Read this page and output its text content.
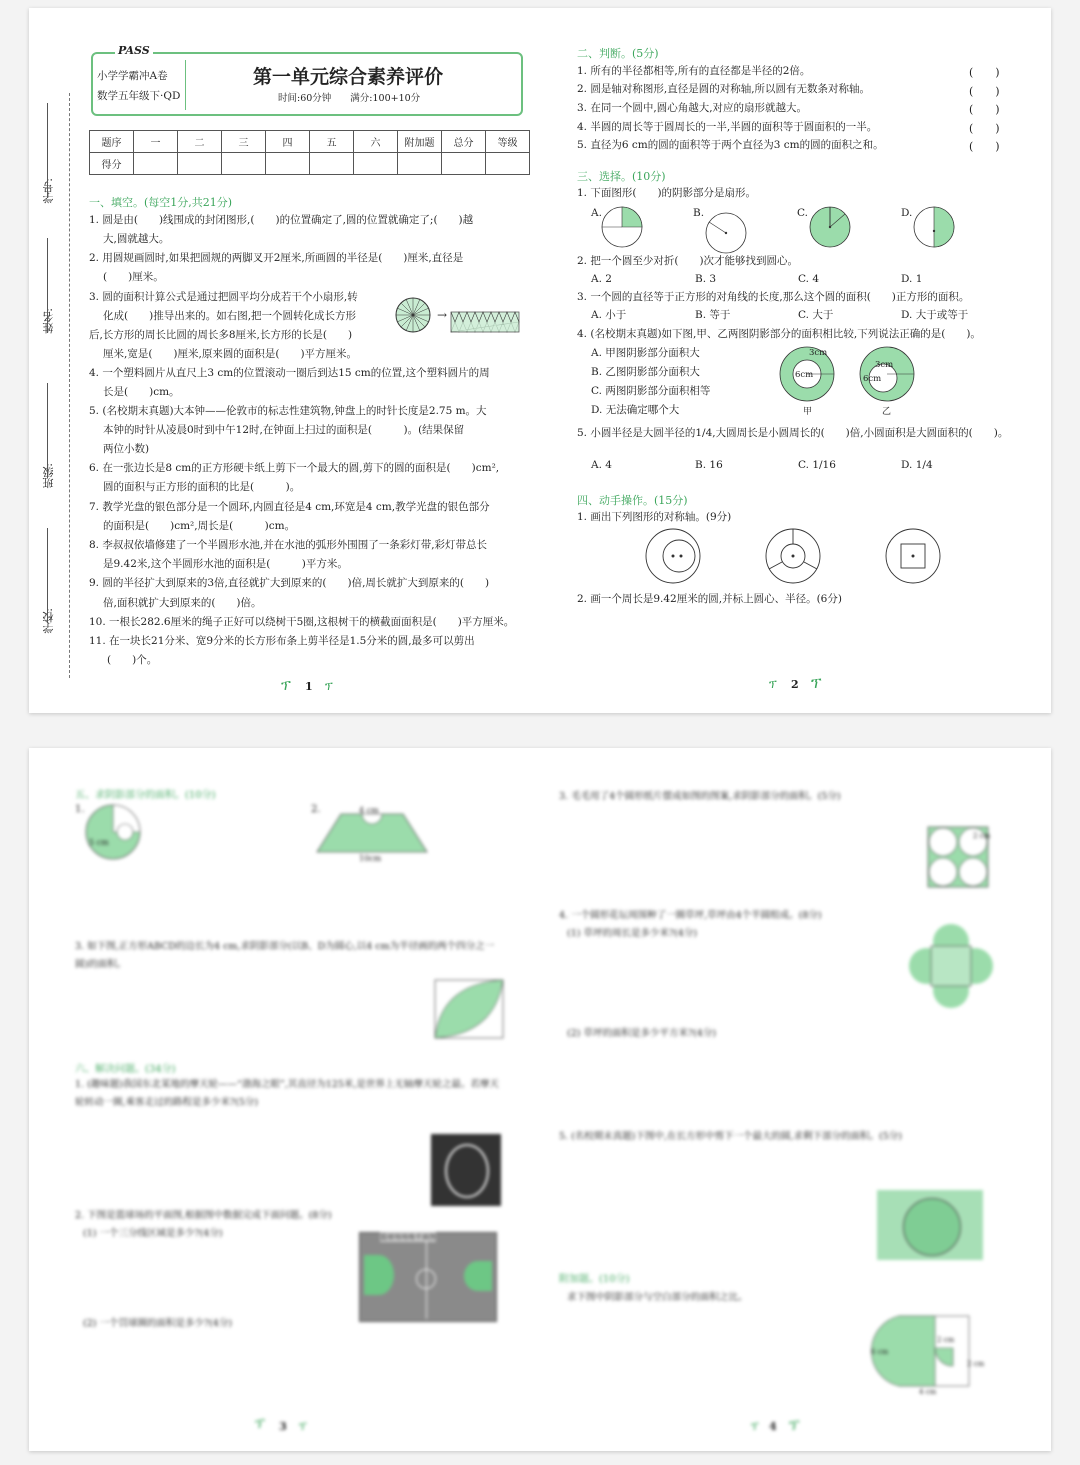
学号:
姓名:
班级:
学校:
PASS
小学学霸冲A卷
数学五年级下·QD
第一单元综合素养评价
时间:60分钟　　满分:100+10分
题序	一	二	三	四	五	六	附加题	总分	等级
得分									
一、填空。(每空1分,共21分)
1. 圆是由(　　)线围成的封闭图形,(　　)的位置确定了,圆的位置就确定了;(　　)越
大,圆就越大。
2. 用圆规画圆时,如果把圆规的两脚叉开2厘米,所画圆的半径是(　　)厘米,直径是
(　　)厘米。
3. 圆的面积计算公式是通过把圆平均分成若干个小扇形,转
化成(　　)推导出来的。如右图,把一个圆转化成长方形
后,长方形的周长比圆的周长多8厘米,长方形的长是(　　)
厘米,宽是(　　)厘米,原来圆的面积是(　　)平方厘米。
→
4. 一个塑料圆片从直尺上3 cm的位置滚动一圈后到达15 cm的位置,这个塑料圆片的周
长是(　　)cm。
5. (名校期末真题)大本钟——伦敦市的标志性建筑物,钟盘上的时针长度是2.75 m。大
本钟的时针从凌晨0时到中午12时,在钟面上扫过的面积是(　　　)。(结果保留
两位小数)
6. 在一张边长是8 cm的正方形硬卡纸上剪下一个最大的圆,剪下的圆的面积是(　　)cm²,
圆的面积与正方形的面积的比是(　　　)。
7. 教学光盘的银色部分是一个圆环,内圆直径是4 cm,环宽是4 cm,教学光盘的银色部分
的面积是(　　)cm²,周长是(　　　)cm。
8. 李叔叔依墙修建了一个半圆形水池,并在水池的弧形外围围了一条彩灯带,彩灯带总长
是9.42米,这个半圆形水池的面积是(　　　)平方米。
9. 圆的半径扩大到原来的3倍,直径就扩大到原来的(　　)倍,周长就扩大到原来的(　　)
倍,面积就扩大到原来的(　　)倍。
10. 一根长282.6厘米的绳子正好可以绕树干5圈,这根树干的横截面面积是(　　)平方厘米。
11. 在一块长21分米、宽9分米的长方形布条上剪半径是1.5分米的圆,最多可以剪出
(　　)个。
ፕ 1 ፕ
二、判断。(5分)
1. 所有的半径都相等,所有的直径都是半径的2倍。
2. 圆是轴对称图形,直径是圆的对称轴,所以圆有无数条对称轴。
3. 在同一个圆中,圆心角越大,对应的扇形就越大。
4. 半圆的周长等于圆周长的一半,半圆的面积等于圆面积的一半。
5. 直径为6 cm的圆的面积等于两个直径为3 cm的圆的面积之和。
(　　)
(　　)
(　　)
(　　)
(　　)
三、选择。(10分)
1. 下面图形(　　)的阴影部分是扇形。
A.	B.	C.	D.
2. 把一个圆至少对折(　　)次才能够找到圆心。
A. 2	B. 3	C. 4	D. 1
3. 一个圆的直径等于正方形的对角线的长度,那么这个圆的面积(　　)正方形的面积。
A. 小于	B. 等于	C. 大于	D. 大于或等于
4. (名校期末真题)如下图,甲、乙两图阴影部分的面积相比较,下列说法正确的是(　　)。
A. 甲图阴影部分面积大
B. 乙图阴影部分面积大
C. 两图阴影部分面积相等
D. 无法确定哪个大
3cm
6cm
3cm
6cm
甲	乙
5. 小圆半径是大圆半径的1/4,大圆周长是小圆周长的(　　)倍,小圆面积是大圆面积的(　　)。
A. 4	B. 16	C. 1/16	D. 1/4
四、动手操作。(15分)
1. 画出下列图形的对称轴。(9分)
2. 画一个周长是9.42厘米的圆,并标上圆心、半径。(6分)
ፕ 2 ፕ
五、求阴影部分的面积。(10分)
1.	2.
5 cm
4 cm
10cm
3. 如下图,正方形ABCD的边长为4 cm,求阴影部分(以B、D为圆心,以4 cm为半径画的两个四分之一圆)的面积。
六、解决问题。(34分)
1. (趣味题)我国东北某地的摩天轮——“渤海之眼”,其直径为125米,是世界上无轴摩天轮之最。若摩天轮转动一圈,乘客走过的路程是多少米?(5分)
2. 下图是篮球场的平面图,根据图中数据完成下面问题。(8分)
(1) 一个三分线区域是多少?(4分)
(2) 一个罚球圈的面积是多少?(4分)
篮球场场地平面图
ፕ 3 ፕ
3. 毛毛用了4个圆形纸片摆成如图的图案,求阴影部分的面积。(5分)
2 cm
4. 一个圆形花坛周围种了一圈草坪,草坪由4个半圆组成。(8分)
(1) 草坪的周长是多少米?(4分)
(2) 草坪的面积是多少平方米?(4分)
5. (名校期末真题)下图中,在长方形中剪下一个最大的圆,求剩下部分的面积。(5分)
附加题。(10分)
求下图中阴影部分与空白部分的面积之比。
2 cm
6 cm
2 cm
4 cm
ፕ 4 ፕ
